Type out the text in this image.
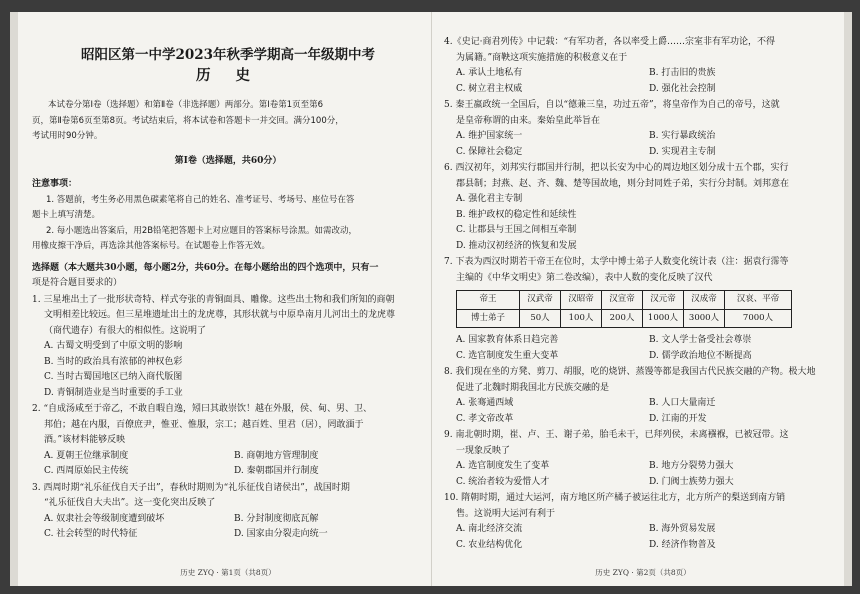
昭阳区第一中学2023年秋季学期高一年级期中考
历 史
本试卷分第Ⅰ卷（选择题）和第Ⅱ卷（非选择题）两部分。第Ⅰ卷第1页至第6
页，第Ⅱ卷第6页至第8页。考试结束后，将本试卷和答题卡一并交回。满分100分，
考试用时90分钟。
第Ⅰ卷（选择题，共60分）
注意事项：
1. 答题前，考生务必用黑色碳素笔将自己的姓名、准考证号、考场号、座位号在答
题卡上填写清楚。
2. 每小题选出答案后，用2B铅笔把答题卡上对应题目的答案标号涂黑。如需改动，
用橡皮擦干净后，再选涂其他答案标号。在试题卷上作答无效。
选择题（本大题共30小题，每小题2分，共60分。在每小题给出的四个选项中，只有一
项是符合题目要求的）
1. 三星堆出土了一批形状奇特、样式夸张的青铜面具、雕像。这些出土物和我们所知的商朝
文明相差比较远。但三星堆遗址出土的龙虎尊，其形状就与中原阜南月儿河出土的龙虎尊
（商代遗存）有很大的相似性。这说明了
A. 古蜀文明受到了中原文明的影响
B. 当时的政治具有浓郁的神权色彩
C. 当时古蜀国地区已纳入商代版图
D. 青铜制造业是当时重要的手工业
2. “自成汤咸至于帝乙，不敢自暇自逸，矧曰其敢崇饮！越在外服，侯、甸、男、卫、
邦伯；越在内服，百僚庶尹，惟亚、惟服，宗工；越百姓、里君（居），罔敢湎于
酒。”该材料能够反映
A. 夏朝王位继承制度	B. 商朝地方管理制度
C. 西周原始民主传统	D. 秦朝郡国并行制度
3. 西周时期“礼乐征伐自天子出”，春秋时期则为“礼乐征伐自诸侯出”，战国时期
“礼乐征伐自大夫出”。这一变化突出反映了
A. 奴隶社会等级制度遭到破坏	B. 分封制度彻底瓦解
C. 社会转型的时代特征	D. 国家由分裂走向统一
历史 ZYQ · 第1页（共8页）
4.《史记·商君列传》中记载：“有军功者，各以率受上爵……宗室非有军功论，不得
为属籍。”商鞅这项实施措施的积极意义在于
A. 承认土地私有	B. 打击旧的贵族
C. 树立君主权威	D. 强化社会控制
5. 秦王嬴政统一全国后，自以“德兼三皇，功过五帝”，将皇帝作为自己的帝号，这就
是皇帝称谓的由来。秦始皇此举旨在
A. 维护国家统一	B. 实行暴政统治
C. 保障社会稳定	D. 实现君主专制
6. 西汉初年，刘邦实行郡国并行制，把以长安为中心的周边地区划分成十五个郡，实行
郡县制；封燕、赵、齐、魏、楚等国故地，则分封同姓子弟，实行分封制。刘邦意在
A. 强化君主专制
B. 维护政权的稳定性和延续性
C. 让郡县与王国之间相互牵制
D. 推动汉初经济的恢复和发展
7. 下表为西汉时期若干帝王在位时，太学中博士弟子人数变化统计表（注：据袁行霈等
主编的《中华文明史》第二卷改编），表中人数的变化反映了汉代
帝王	汉武帝	汉昭帝	汉宣帝	汉元帝	汉成帝	汉哀、平帝
博士弟子	50人	100人	200人	1000人	3000人	7000人
A. 国家教育体系日趋完善	B. 文人学士备受社会尊崇
C. 选官制度发生重大变革	D. 儒学政治地位不断提高
8. 我们现在坐的方凳、剪刀、胡服，吃的烧饼、蒸馒等都是我国古代民族交融的产物。极大地
促进了北魏时期我国北方民族交融的是
A. 张骞通西域	B. 人口大量南迁
C. 孝文帝改革	D. 江南的开发
9. 南北朝时期，崔、卢、王、谢子弟，胎毛未干，已拜列侯，未离襁褓，已被冠带。这
一现象反映了
A. 选官制度发生了变革	B. 地方分裂势力强大
C. 统治者较为爱惜人才	D. 门阀士族势力强大
10. 隋朝时期，通过大运河，南方地区所产橘子被运往北方，北方所产的梨送到南方销
售。这说明大运河有利于
A. 南北经济交流	B. 海外贸易发展
C. 农业结构优化	D. 经济作物普及
历史 ZYQ · 第2页（共8页）
